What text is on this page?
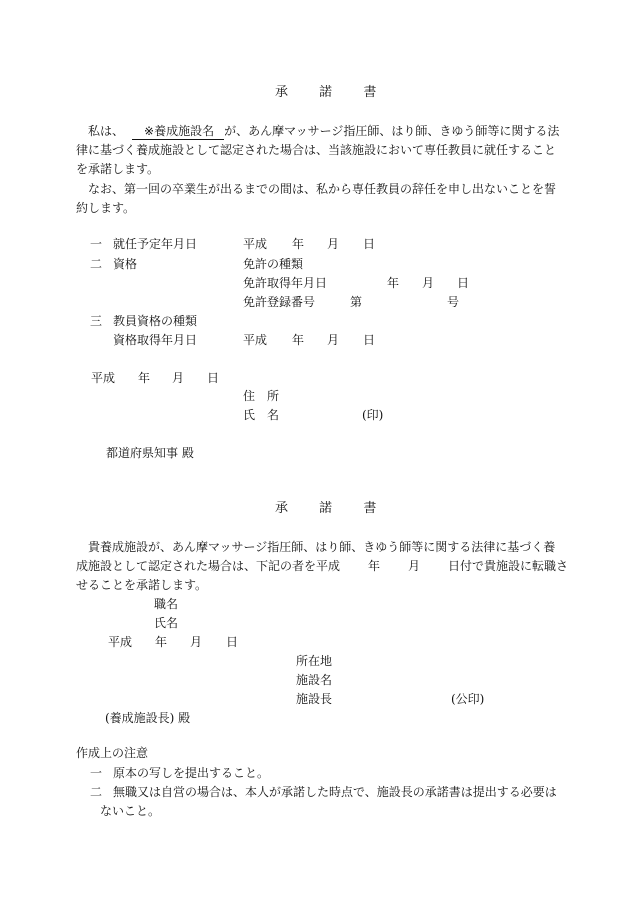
承 諾 書
私は、 ※養成施設名 が、あん摩マッサージ指圧師、はり師、きゆう師等に関する法
律に基づく養成施設として認定された場合は、当該施設において専任教員に就任すること
を承諾します。
なお、第一回の卒業生が出るまでの間は、私から専任教員の辞任を申し出ないことを誓
約します。
一 就任予定年月日	平成 年 月 日
二 資格	免許の種類
免許取得年月日	年 月 日
免許登録番号	第	号
三 教員資格の種類
資格取得年月日	平成 年 月 日
平成 年 月 日
住　所
氏　名	(印)
都道府県知事 殿
承 諾 書
貴養成施設が、あん摩マッサージ指圧師、はり師、きゆう師等に関する法律に基づく養
成施設として認定された場合は、下記の者を平成 年 月 日付で貴施設に転職さ
せることを承諾します。
職名
氏名
平成 年 月 日
所在地
施設名
施設長	(公印)
(養成施設長) 殿
作成上の注意
一 原本の写しを提出すること。
二 無職又は自営の場合は、本人が承諾した時点で、施設長の承諾書は提出する必要は
ないこと。
